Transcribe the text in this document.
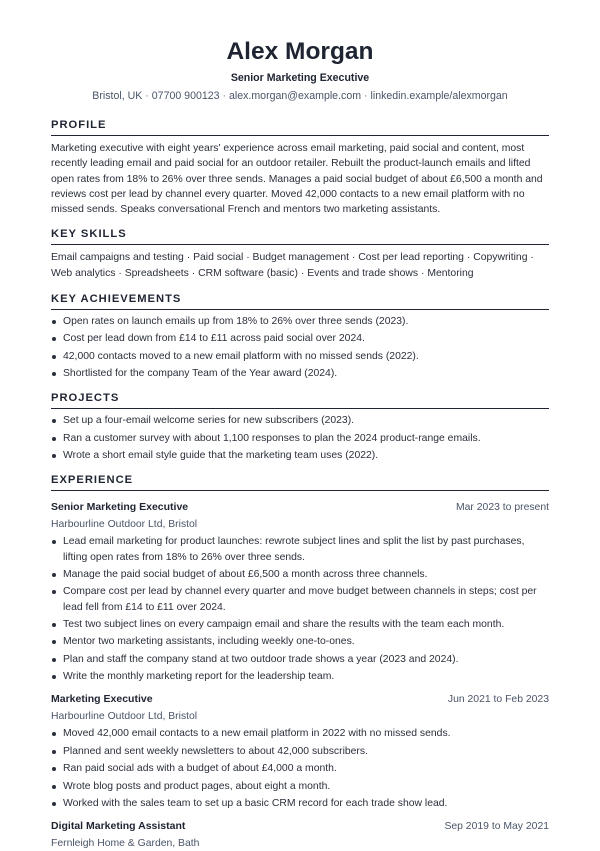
Alex Morgan
Senior Marketing Executive
Bristol, UK · 07700 900123 · alex.morgan@example.com · linkedin.example/alexmorgan
PROFILE
Marketing executive with eight years' experience across email marketing, paid social and content, most recently leading email and paid social for an outdoor retailer. Rebuilt the product-launch emails and lifted open rates from 18% to 26% over three sends. Manages a paid social budget of about £6,500 a month and reviews cost per lead by channel every quarter. Moved 42,000 contacts to a new email platform with no missed sends. Speaks conversational French and mentors two marketing assistants.
KEY SKILLS
Email campaigns and testing · Paid social · Budget management · Cost per lead reporting · Copywriting · Web analytics · Spreadsheets · CRM software (basic) · Events and trade shows · Mentoring
KEY ACHIEVEMENTS
Open rates on launch emails up from 18% to 26% over three sends (2023).
Cost per lead down from £14 to £11 across paid social over 2024.
42,000 contacts moved to a new email platform with no missed sends (2022).
Shortlisted for the company Team of the Year award (2024).
PROJECTS
Set up a four-email welcome series for new subscribers (2023).
Ran a customer survey with about 1,100 responses to plan the 2024 product-range emails.
Wrote a short email style guide that the marketing team uses (2022).
EXPERIENCE
Senior Marketing Executive	Mar 2023 to present
Harbourline Outdoor Ltd, Bristol
Lead email marketing for product launches: rewrote subject lines and split the list by past purchases, lifting open rates from 18% to 26% over three sends.
Manage the paid social budget of about £6,500 a month across three channels.
Compare cost per lead by channel every quarter and move budget between channels in steps; cost per lead fell from £14 to £11 over 2024.
Test two subject lines on every campaign email and share the results with the team each month.
Mentor two marketing assistants, including weekly one-to-ones.
Plan and staff the company stand at two outdoor trade shows a year (2023 and 2024).
Write the monthly marketing report for the leadership team.
Marketing Executive	Jun 2021 to Feb 2023
Harbourline Outdoor Ltd, Bristol
Moved 42,000 email contacts to a new email platform in 2022 with no missed sends.
Planned and sent weekly newsletters to about 42,000 subscribers.
Ran paid social ads with a budget of about £4,000 a month.
Wrote blog posts and product pages, about eight a month.
Worked with the sales team to set up a basic CRM record for each trade show lead.
Digital Marketing Assistant	Sep 2019 to May 2021
Fernleigh Home & Garden, Bath
